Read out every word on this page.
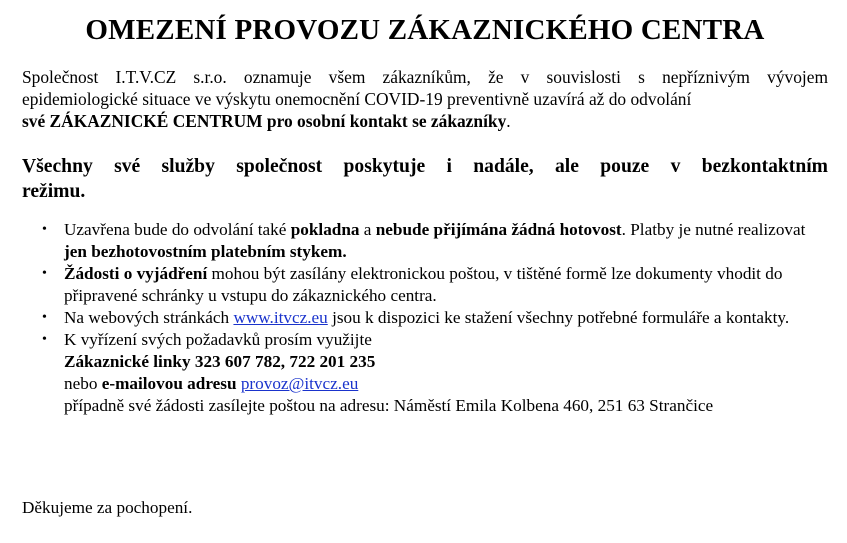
OMEZENÍ PROVOZU ZÁKAZNICKÉHO CENTRA
Společnost I.T.V.CZ s.r.o. oznamuje všem zákazníkům, že v souvislosti s nepříznivým vývojem
epidemiologické situace ve výskytu onemocnění COVID-19 preventivně uzavírá až do odvolání
své ZÁKAZNICKÉ CENTRUM pro osobní kontakt se zákazníky.
Všechny své služby společnost poskytuje i nadále, ale pouze v bezkontaktním
režimu.
• Uzavřena bude do odvolání také pokladna a nebude přijímána žádná hotovost. Platby je nutné realizovat jen bezhotovostním platebním stykem.
• Žádosti o vyjádření mohou být zasílány elektronickou poštou, v tištěné formě lze dokumenty vhodit do připravené schránky u vstupu do zákaznického centra.
• Na webových stránkách www.itvcz.eu jsou k dispozici ke stažení všechny potřebné formuláře a kontakty.
• K vyřízení svých požadavků prosím využijte
Zákaznické linky 323 607 782, 722 201 235
nebo e-mailovou adresu provoz@itvcz.eu
případně své žádosti zasílejte poštou na adresu: Náměstí Emila Kolbena 460, 251 63 Strančice
Děkujeme za pochopení.
